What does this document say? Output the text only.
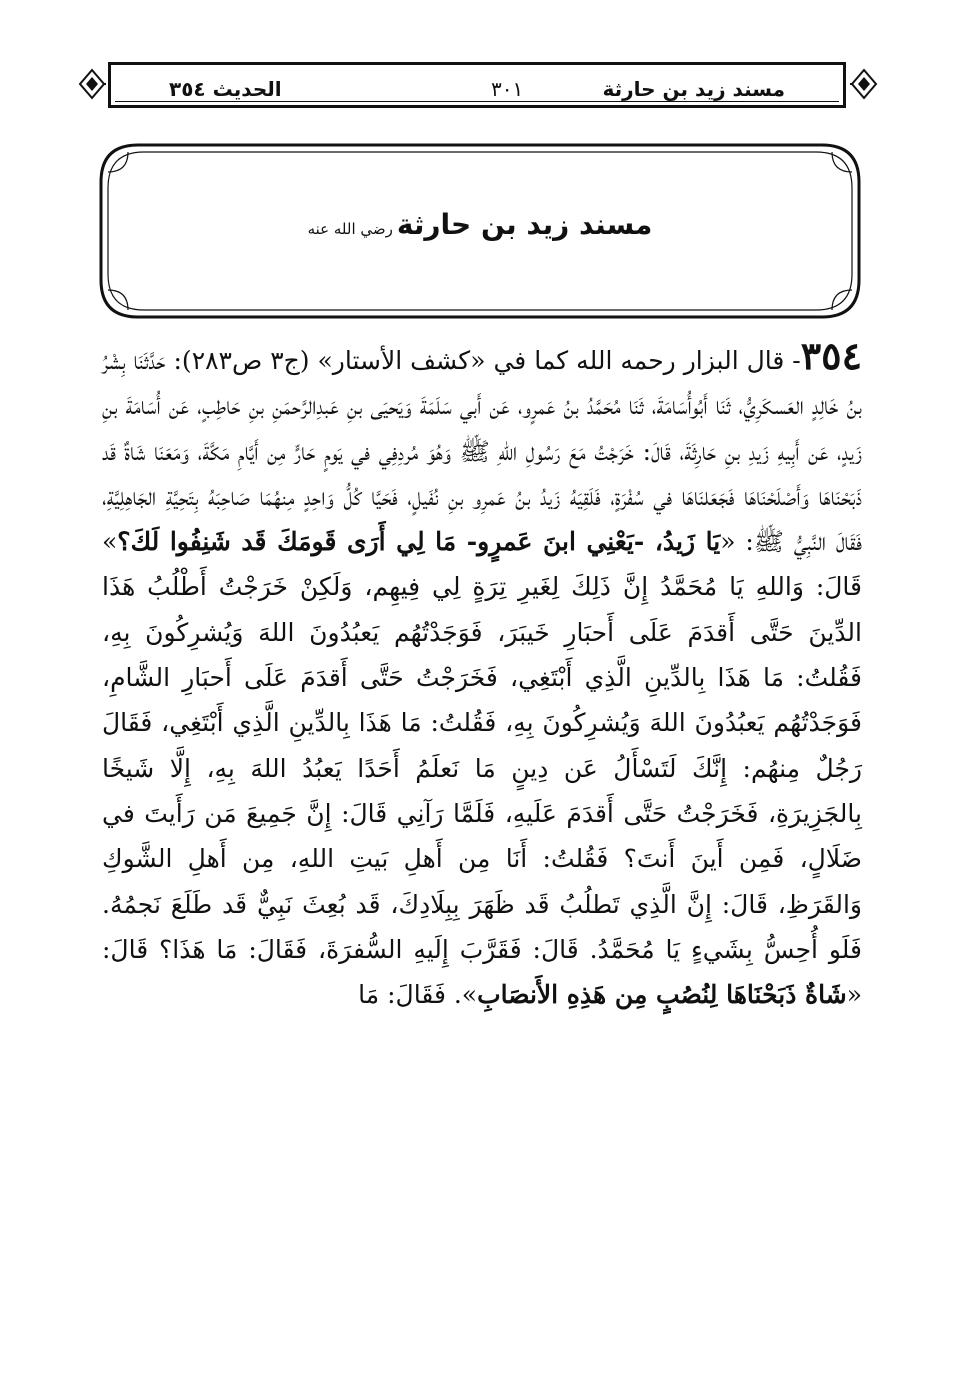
مسند زيد بن حارثة
٣٠١
الحديث ٣٥٤
مسند زيد بن حارثةرضي الله عنه
٣٥٤- قال البزار رحمه الله كما في «كشف الأستار» (ج٣ ص٢٨٣): حَدَّثَنَا بِشْرُ بنُ خَالِدٍ العَسكَرِيُّ، ثَنَا أَبُوأُسَامَةَ، ثَنَا مُحَمَّدُ بنُ عَمرٍو، عَن أَبي سَلَمَةَ وَيَحيَى بنِ عَبدِالرَّحمَنِ بنِ حَاطِبٍ، عَن أُسَامَةَ بنِ زَيدٍ، عَن أَبِيهِ زَيدِ بنِ حَارِثَةَ، قَالَ: خَرَجْتُ مَعَ رَسُولِ اللهِ ﷺ وَهُوَ مُردِفِي في يَومٍ حَارٍّ مِن أَيَّامِ مَكَّةَ، وَمَعَنَا شَاةٌ قَد ذَبَحْنَاهَا وَأَصْلَحْنَاهَا فَجَعَلنَاهَا في سُفْرَةٍ، فَلَقِيَهُ زَيدُ بنُ عَمرِو بنِ نُفَيلٍ، فَحَيَّا كُلُّ وَاحِدٍ مِنهُمَا صَاحِبَهُ بِتَحِيَّةِ الجَاهِلِيَّةِ، فَقَالَ النَّبِيُّ ﷺ: «يَا زَيدُ، -يَعْنِي ابنَ عَمرٍو- مَا لِي أَرَى قَومَكَ قَد شَنِفُوا لَكَ؟» قَالَ: وَاللهِ يَا مُحَمَّدُ إِنَّ ذَلِكَ لِغَيرِ تِرَةٍ لِي فِيهِم، وَلَكِنْ خَرَجْتُ أَطْلُبُ هَذَا الدِّينَ حَتَّى أَقدَمَ عَلَى أَحبَارِ خَيبَرَ، فَوَجَدْتُهُم يَعبُدُونَ اللهَ وَيُشرِكُونَ بِهِ، فَقُلتُ: مَا هَذَا بِالدِّينِ الَّذِي أَبْتَغِي، فَخَرَجْتُ حَتَّى أَقدَمَ عَلَى أَحبَارِ الشَّامِ، فَوَجَدْتُهُم يَعبُدُونَ اللهَ وَيُشرِكُونَ بِهِ، فَقُلتُ: مَا هَذَا بِالدِّينِ الَّذِي أَبْتَغِي، فَقَالَ رَجُلٌ مِنهُم: إِنَّكَ لَتَسْأَلُ عَن دِينٍ مَا نَعلَمُ أَحَدًا يَعبُدُ اللهَ بِهِ، إِلَّا شَيخًا بِالجَزِيرَةِ، فَخَرَجْتُ حَتَّى أَقدَمَ عَلَيهِ، فَلَمَّا رَآنِي قَالَ: إِنَّ جَمِيعَ مَن رَأَيتَ في ضَلَالٍ، فَمِن أَينَ أَنتَ؟ فَقُلتُ: أَنَا مِن أَهلِ بَيتِ اللهِ، مِن أَهلِ الشَّوكِ وَالقَرَظِ، قَالَ: إِنَّ الَّذِي تَطلُبُ قَد ظَهَرَ بِبِلَادِكَ، قَد بُعِثَ نَبِيٌّ قَد طَلَعَ نَجمُهُ. فَلَو أُحِسُّ بِشَيءٍ يَا مُحَمَّدُ. قَالَ: فَقَرَّبَ إِلَيهِ السُّفرَةَ، فَقَالَ: مَا هَذَا؟ قَالَ: «شَاةٌ ذَبَحْنَاهَا لِنُصُبٍ مِن هَذِهِ الأَنصَابِ». فَقَالَ: مَا
